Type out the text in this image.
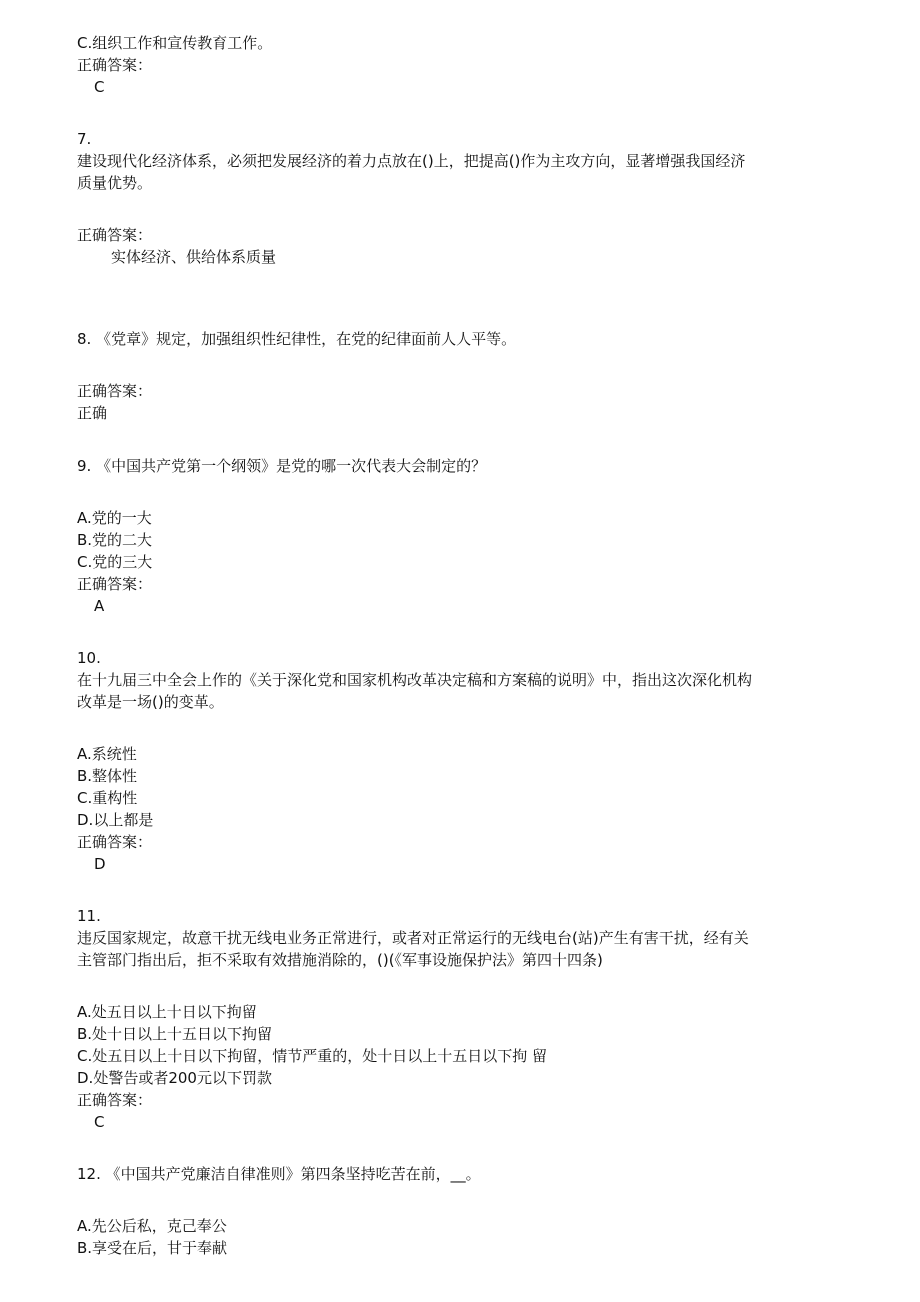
C.组织工作和宣传教育工作。
正确答案：
C
7.
建设现代化经济体系，必须把发展经济的着力点放在()上，把提高()作为主攻方向，显著增强我国经济
质量优势。
正确答案：
实体经济、供给体系质量
8. 《党章》规定，加强组织性纪律性，在党的纪律面前人人平等。
正确答案：
正确
9. 《中国共产党第一个纲领》是党的哪一次代表大会制定的？
A.党的一大
B.党的二大
C.党的三大
正确答案：
A
10.
在十九届三中全会上作的《关于深化党和国家机构改革决定稿和方案稿的说明》中，指出这次深化机构
改革是一场()的变革。
A.系统性
B.整体性
C.重构性
D.以上都是
正确答案：
D
11.
违反国家规定，故意干扰无线电业务正常进行，或者对正常运行的无线电台(站)产生有害干扰，经有关
主管部门指出后，拒不采取有效措施消除的，()(《军事设施保护法》第四十四条)
A.处五日以上十日以下拘留
B.处十日以上十五日以下拘留
C.处五日以上十日以下拘留，情节严重的，处十日以上十五日以下拘 留
D.处警告或者200元以下罚款
正确答案：
C
12. 《中国共产党廉洁自律准则》第四条坚持吃苦在前，__。
A.先公后私，克己奉公
B.享受在后，甘于奉献
